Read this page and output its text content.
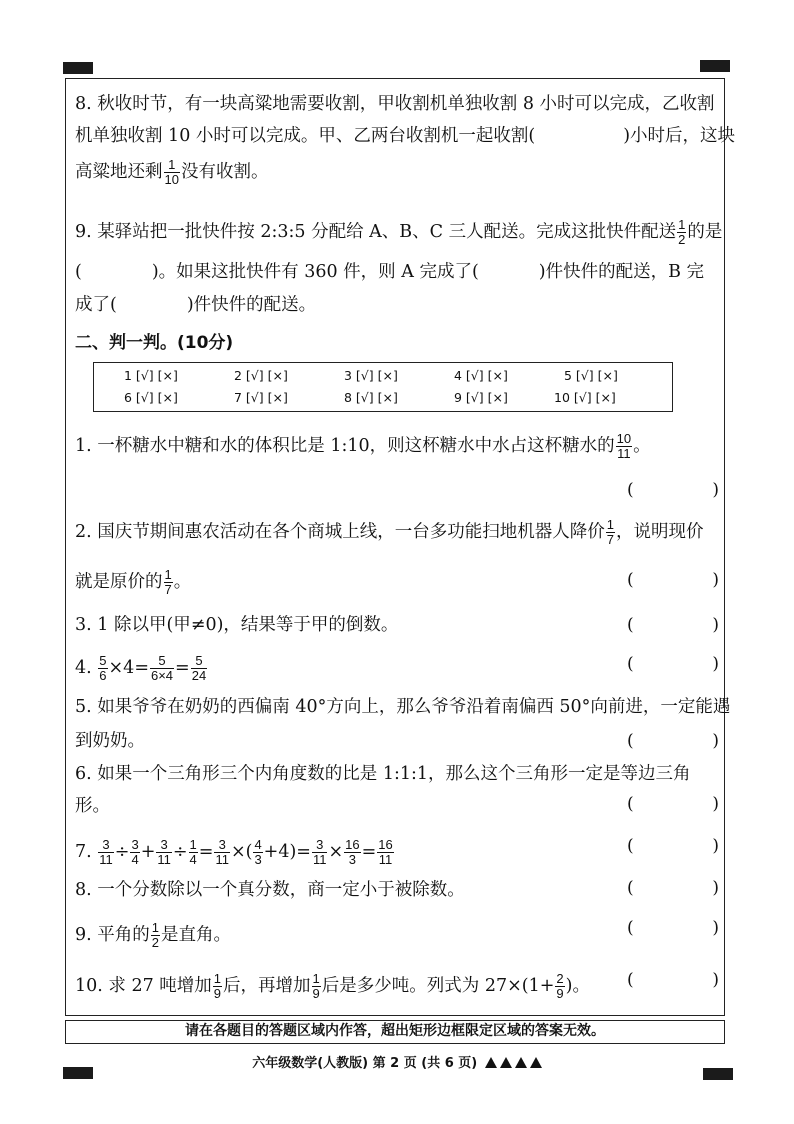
8. 秋收时节，有一块高粱地需要收割，甲收割机单独收割 8 小时可以完成，乙收割
机单独收割 10 小时可以完成。甲、乙两台收割机一起收割(	)小时后，这块
高粱地还剩 $\frac{1}{10}$ 没有收割。
9. 某驿站把一批快件按 2:3:5 分配给 A、B、C 三人配送。完成这批快件配送 $\frac{1}{2}$ 的是
(	)。如果这批快件有 360 件，则 A 完成了(	)件快件的配送，B 完
成了(	)件快件的配送。
二、判一判。(10分)
1 [√] [×]	2 [√] [×]	3 [√] [×]	4 [√] [×]	5 [√] [×]
6 [√] [×]	7 [√] [×]	8 [√] [×]	9 [√] [×]	10 [√] [×]
1. 一杯糖水中糖和水的体积比是 1:10，则这杯糖水中水占这杯糖水的 $\frac{10}{11}$ 。
(	)
2. 国庆节期间惠农活动在各个商城上线，一台多功能扫地机器人降价 $\frac{1}{7}$ ，说明现价
就是原价的 $\frac{1}{7}$ 。	(	)
3. 1 除以甲(甲≠0)，结果等于甲的倒数。	(	)
4. $\frac{5}{6} \times 4= \frac{5}{6\times 4} = \frac{5}{24}$	(	)
5. 如果爷爷在奶奶的西偏南 40°方向上，那么爷爷沿着南偏西 50°向前进，一定能遇
到奶奶。	(	)
6. 如果一个三角形三个内角度数的比是 1:1:1，那么这个三角形一定是等边三角
形。	(	)
7. $\frac{3}{11} \div \frac{3}{4} + \frac{3}{11} \div \frac{1}{4} = \frac{3}{11}$ ×( $\frac{4}{3} +4)= \frac{3}{11} \times \frac{16}{3} = \frac{16}{11}$	(	)
8. 一个分数除以一个真分数，商一定小于被除数。	(	)
9. 平角的 $\frac{1}{2}$ 是直角。	(	)
10. 求 27 吨增加 $\frac{1}{9}$ 后，再增加 $\frac{1}{9}$ 后是多少吨。列式为 $27\times(1+ \frac{2}{9}$ )。	(	)
请在各题目的答题区域内作答，超出矩形边框限定区域的答案无效。
六年级数学(人教版) 第 2 页 (共 6 页)
